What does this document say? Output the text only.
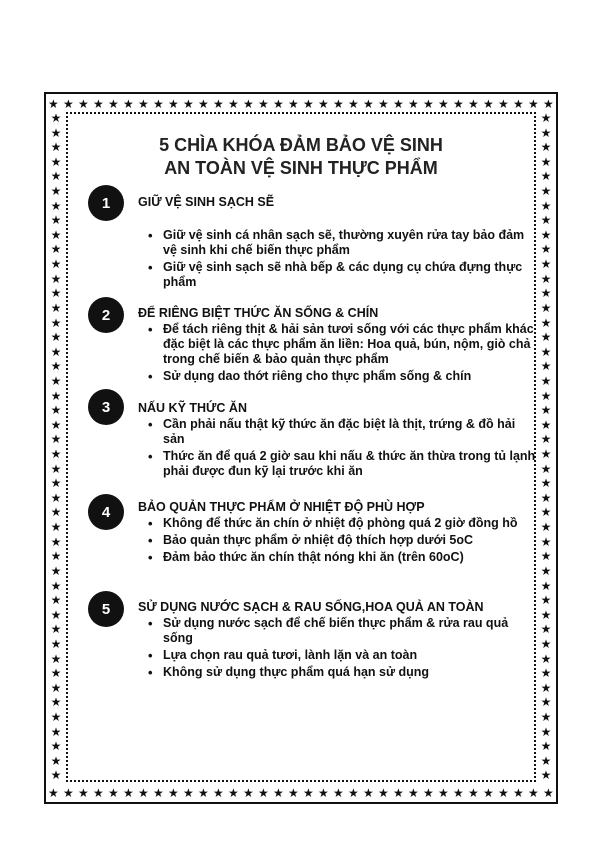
★ ★ ★ ★ ★ ★ ★ ★ ★ ★ ★ ★ ★ ★ ★ ★ ★ ★ ★ ★ ★ ★ ★ ★ ★ ★ ★ ★ ★ ★ ★ ★ ★ ★
★ ★ ★ ★ ★ ★ ★ ★ ★ ★ ★ ★ ★ ★ ★ ★ ★ ★ ★ ★ ★ ★ ★ ★ ★ ★ ★ ★ ★ ★ ★ ★ ★ ★
★
★
★
★
★
★
★
★
★
★
★
★
★
★
★
★
★
★
★
★
★
★
★
★
★
★
★
★
★
★
★
★
★
★
★
★
★
★
★
★
★
★
★
★
★
★
★
★
★
★
★
★
★
★
★
★
★
★
★
★
★
★
★
★
★
★
★
★
★
★
★
★
★
★
★
★
★
★
★
★
★
★
★
★
★
★
★
★
★
★
★
★
5 CHÌA KHÓA ĐẢM BẢO VỆ SINH
AN TOÀN VỆ SINH THỰC PHẨM
1	GIỮ VỆ SINH SẠCH SẼ
• Giữ vệ sinh cá nhân sạch sẽ, thường xuyên rửa tay bảo đảm vệ sinh khi chế biến thực phẩm
• Giữ vệ sinh sạch sẽ nhà bếp & các dụng cụ chứa đựng thực phẩm
2	ĐỂ RIÊNG BIỆT THỨC ĂN SỐNG & CHÍN
• Để tách riêng thịt & hải sản tươi sống với các thực phẩm khác đặc biệt là các thực phẩm ăn liền: Hoa quả, bún, nộm, giò chả trong chế biến & bảo quản thực phẩm
• Sử dụng dao thớt riêng cho thực phẩm sống & chín
3	NẤU KỸ THỨC ĂN
• Cần phải nấu thật kỹ thức ăn đặc biệt là thịt, trứng & đồ hải sản
• Thức ăn để quá 2 giờ sau khi nấu & thức ăn thừa trong tủ lạnh phải được đun kỹ lại trước khi ăn
4	BẢO QUẢN THỰC PHẨM Ở NHIỆT ĐỘ PHÙ HỢP
• Không để thức ăn chín ở nhiệt độ phòng quá 2 giờ đồng hồ
• Bảo quản thực phẩm ở nhiệt độ thích hợp dưới 5oC
• Đảm bảo thức ăn chín thật nóng khi ăn (trên 60oC)
5	SỬ DỤNG NƯỚC SẠCH & RAU SỐNG,HOA QUẢ AN TOÀN
• Sử dụng nước sạch để chế biến thực phẩm & rửa rau quả sống
• Lựa chọn rau quả tươi, lành lặn và an toàn
• Không sử dụng thực phẩm quá hạn sử dụng
